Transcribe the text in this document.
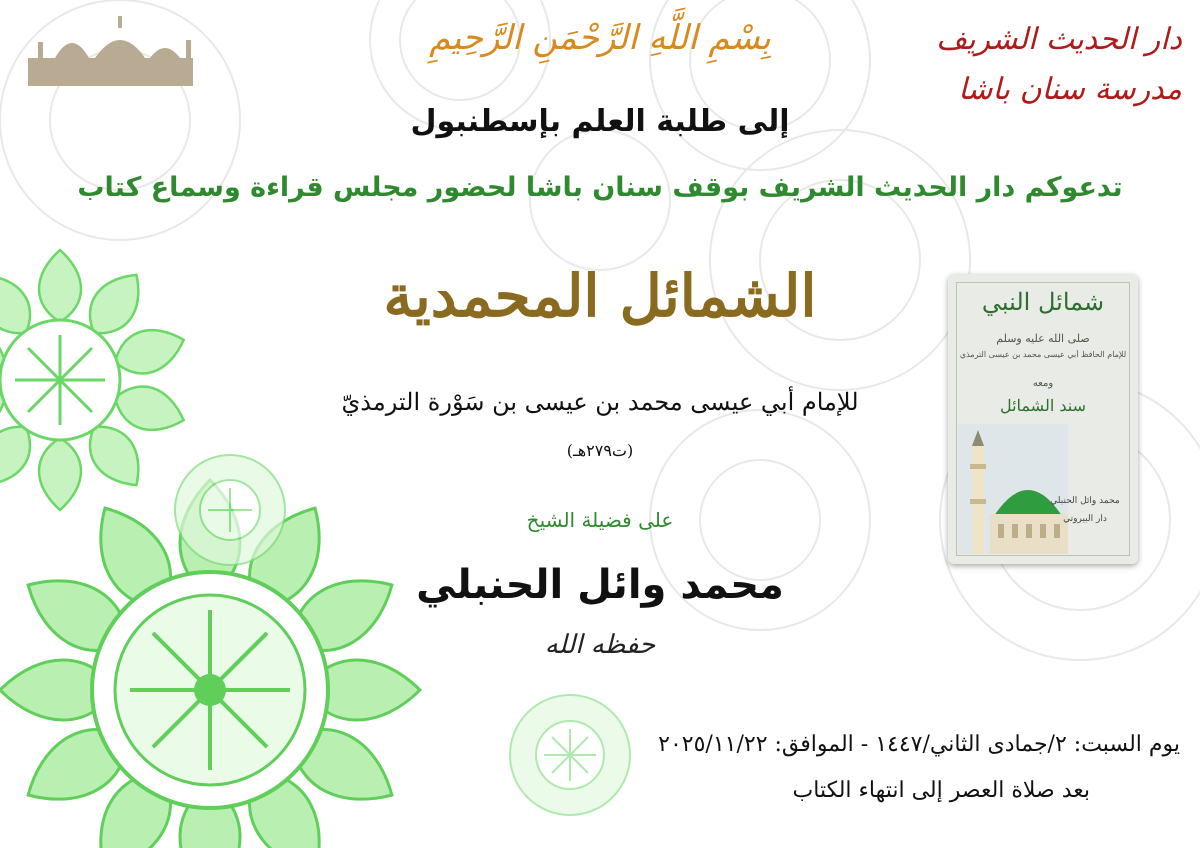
دار الحديث الشريف
مدرسة سنان باشا
بِسْمِ اللَّهِ الرَّحْمَنِ الرَّحِيمِ
إلى طلبة العلم بإسطنبول
تدعوكم دار الحديث الشريف بوقف سنان باشا لحضور مجلس قراءة وسماع كتاب
الشمائل المحمدية
للإمام أبي عيسى محمد بن عيسى بن سَوْرة الترمذيّ
(ت٢٧٩هـ)
على فضيلة الشيخ
محمد وائل الحنبلي
حفظه الله
يوم السبت: ٢/جمادى الثاني/١٤٤٧ - الموافق: ٢٠٢٥/١١/٢٢
بعد صلاة العصر إلى انتهاء الكتاب
شمائل النبي
صلى الله عليه وسلم
للإمام الحافظ أبي عيسى محمد بن عيسى الترمذي
ومعه
سند الشمائل
محمد وائل الحنبلي
دار البيروتي
